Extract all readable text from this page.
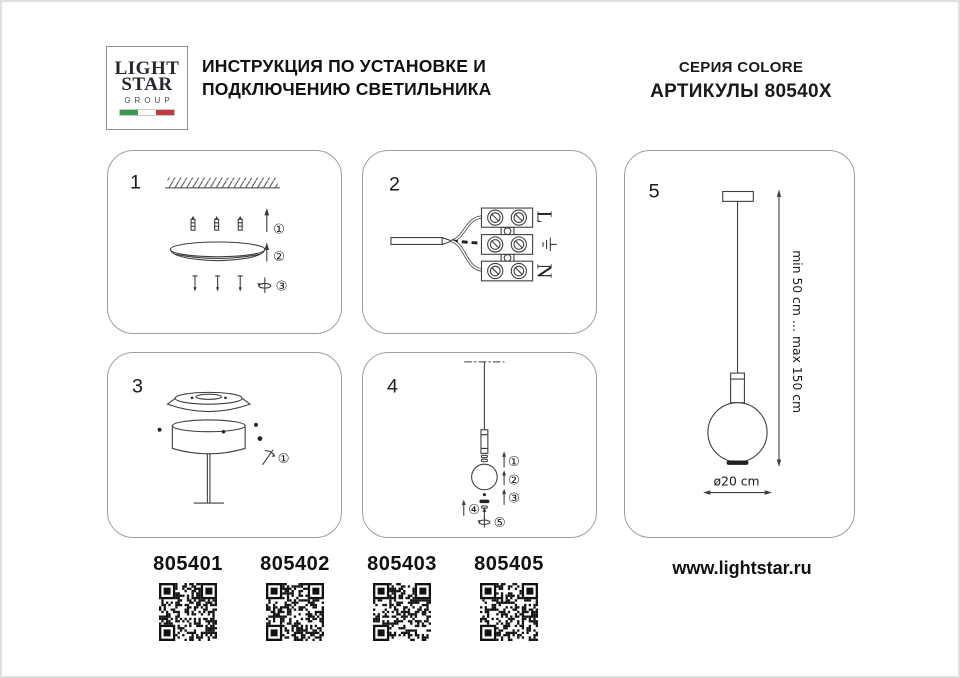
LIGHT
STAR
GROUP
ИНСТРУКЦИЯ ПО УСТАНОВКЕ И
ПОДКЛЮЧЕНИЮ СВЕТИЛЬНИКА
СЕРИЯ COLORE
АРТИКУЛЫ 80540X
1
①
②
③
2
L
N
3
①
4
①
②
③
④
⑤
5
min 50 cm … max 150 cm
ø20 cm
805401	805402	805403	805405	www.lightstar.ru
